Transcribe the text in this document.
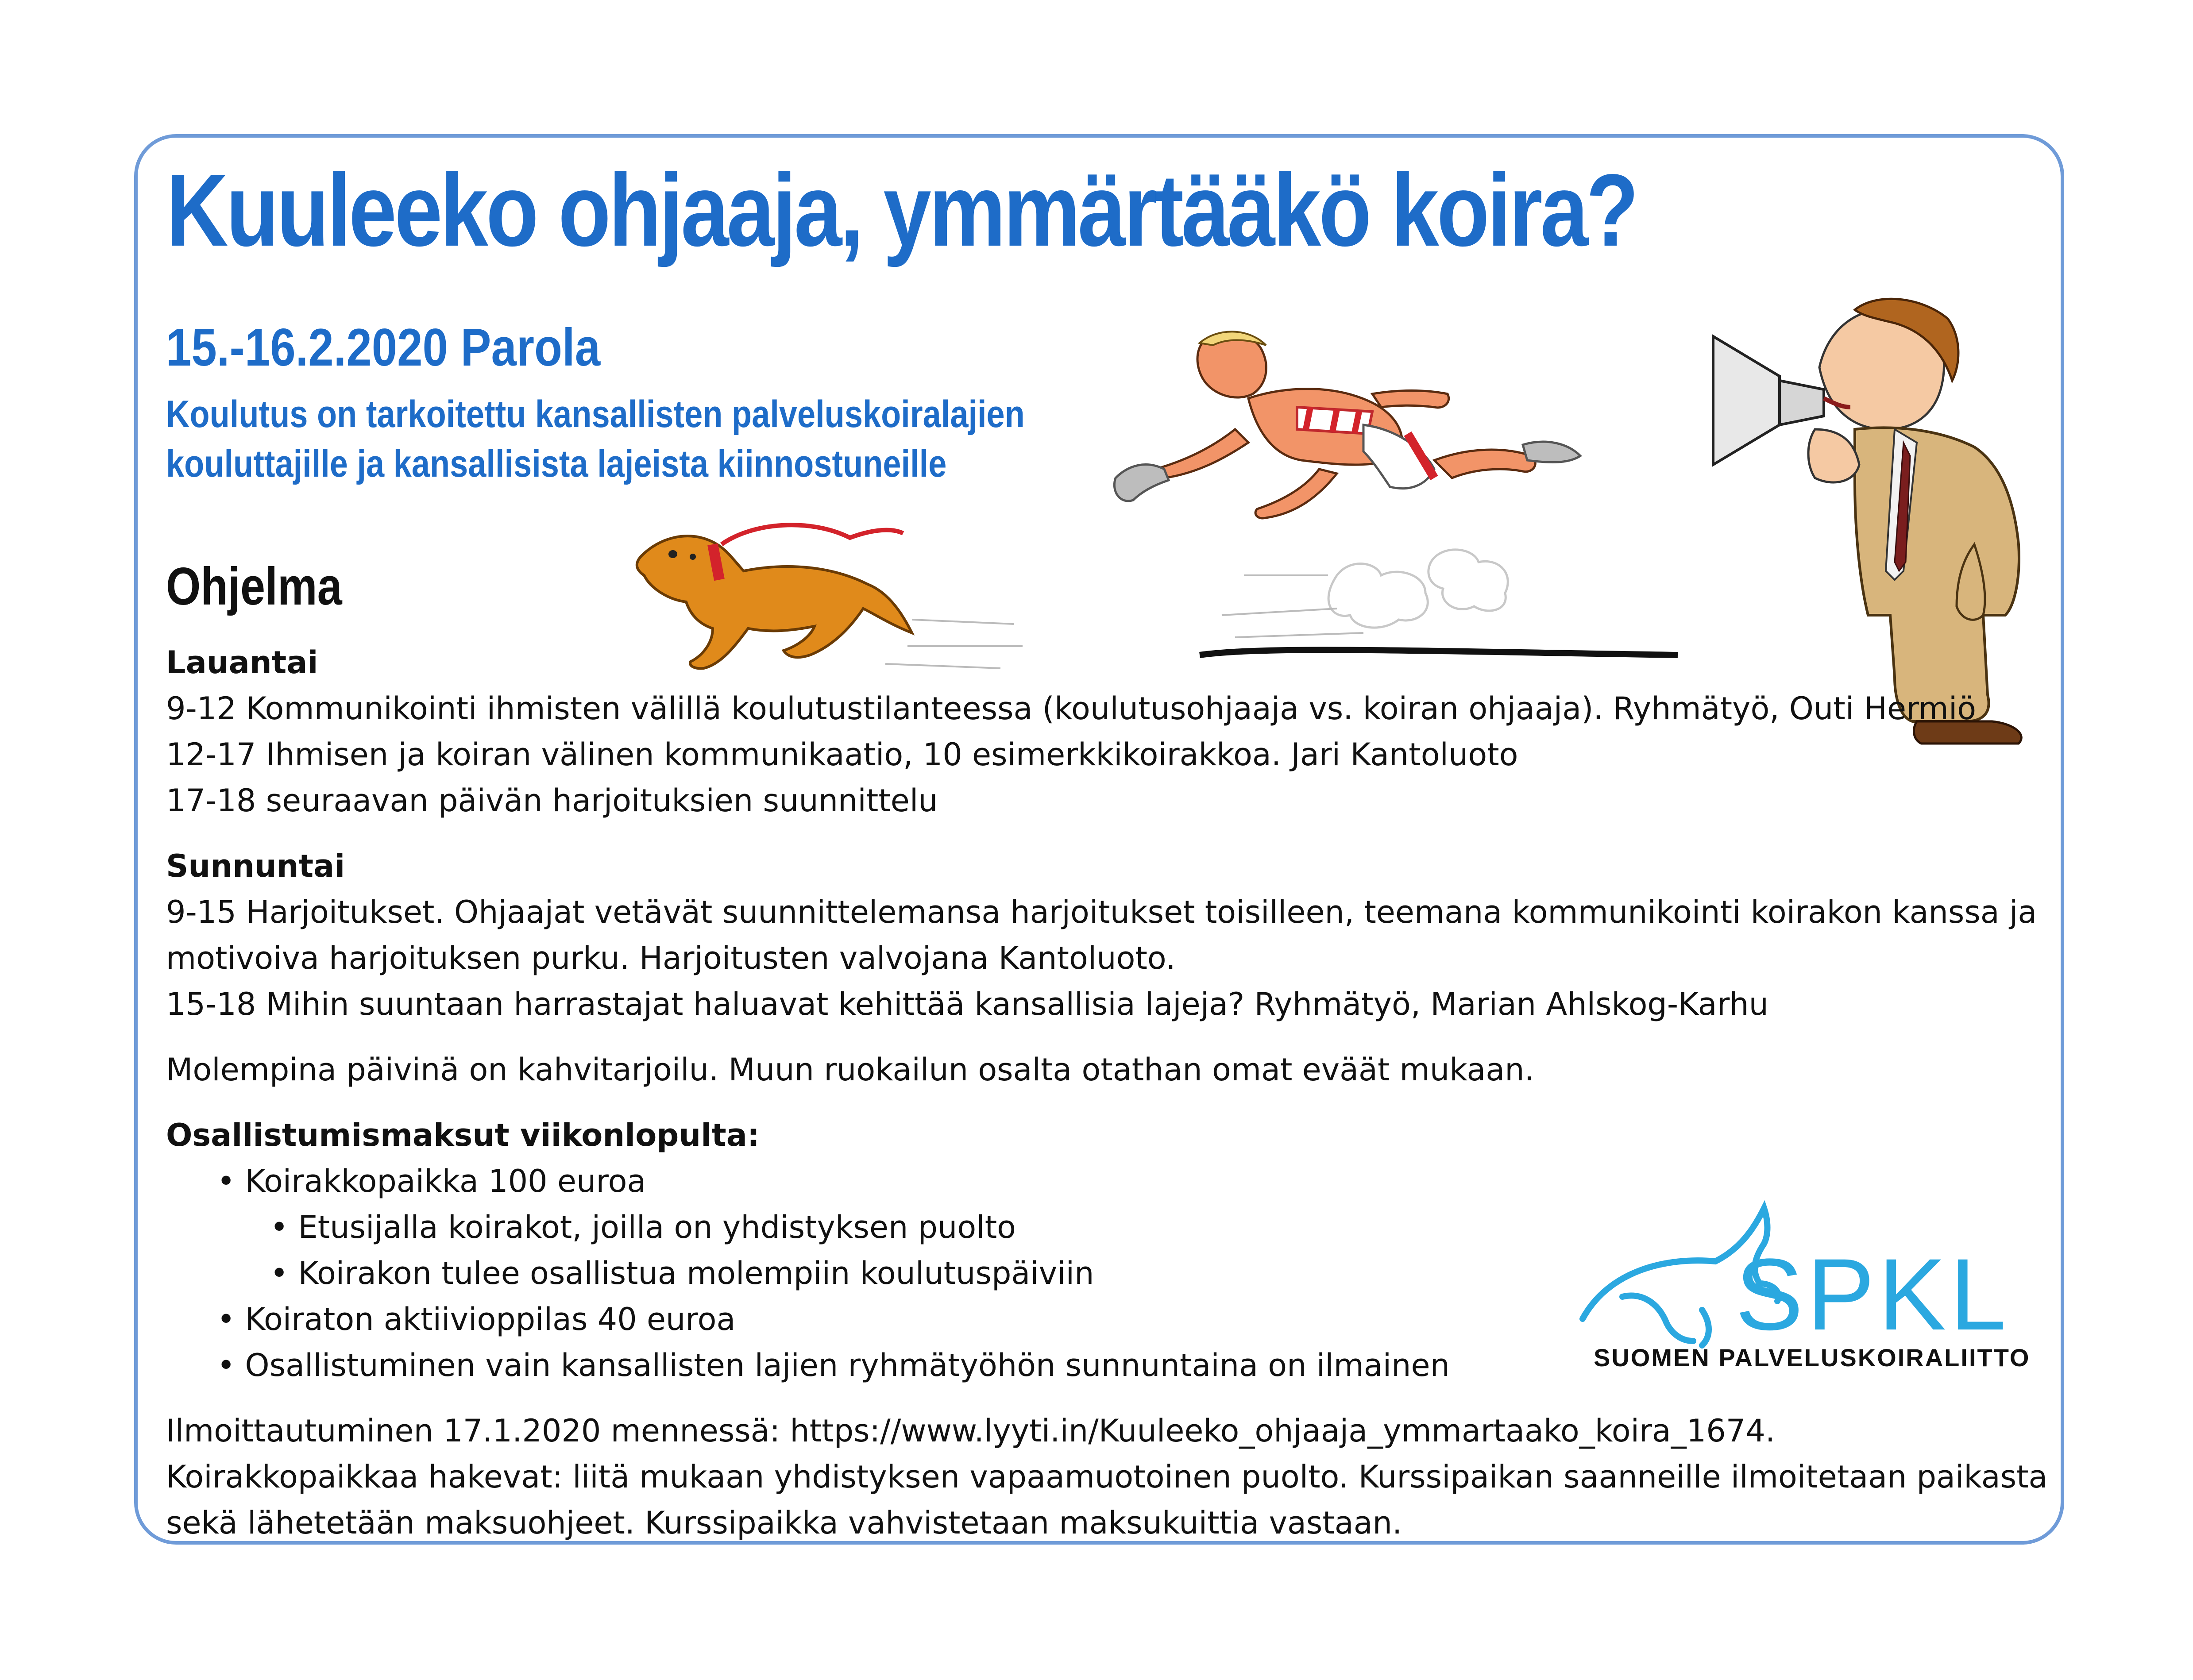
Kuuleeko ohjaaja, ymmärtääkö koira?
15.-16.2.2020 Parola
Koulutus on tarkoitettu kansallisten palveluskoiralajien
kouluttajille ja kansallisista lajeista kiinnostuneille
Ohjelma

Lauantai

9-12 Kommunikointi ihmisten välillä koulutustilanteessa (koulutusohjaaja vs. koiran ohjaaja). Ryhmätyö, Outi Hermiö

12-17 Ihmisen ja koiran välinen kommunikaatio, 10 esimerkkikoirakkoa. Jari Kantoluoto

17-18 seuraavan päivän harjoituksien suunnittelu

Sunnuntai

9-15 Harjoitukset. Ohjaajat vetävät suunnittelemansa harjoitukset toisilleen, teemana kommunikointi koirakon kanssa ja

motivoiva harjoituksen purku. Harjoitusten valvojana Kantoluoto.

15-18 Mihin suuntaan harrastajat haluavat kehittää kansallisia lajeja? Ryhmätyö, Marian Ahlskog-Karhu

Molempina päivinä on kahvitarjoilu. Muun ruokailun osalta otathan omat eväät mukaan.

Osallistumismaksut viikonlopulta:

• Koirakkopaikka 100 euroa
• Etusijalla koirakot, joilla on yhdistyksen puolto
• Koirakon tulee osallistua molempiin koulutuspäiviin
• Koiraton aktiivioppilas 40 euroa
• Osallistuminen vain kansallisten lajien ryhmätyöhön sunnuntaina on ilmainen

Ilmoittautuminen 17.1.2020 mennessä: https://www.lyyti.in/Kuuleeko_ohjaaja_ymmartaako_koira_1674.

Koirakkopaikkaa hakevat: liitä mukaan yhdistyksen vapaamuotoinen puolto. Kurssipaikan saanneille ilmoitetaan paikasta

sekä lähetetään maksuohjeet. Kurssipaikka vahvistetaan maksukuittia vastaan.

SPKL
SUOMEN PALVELUSKOIRALIITTO
